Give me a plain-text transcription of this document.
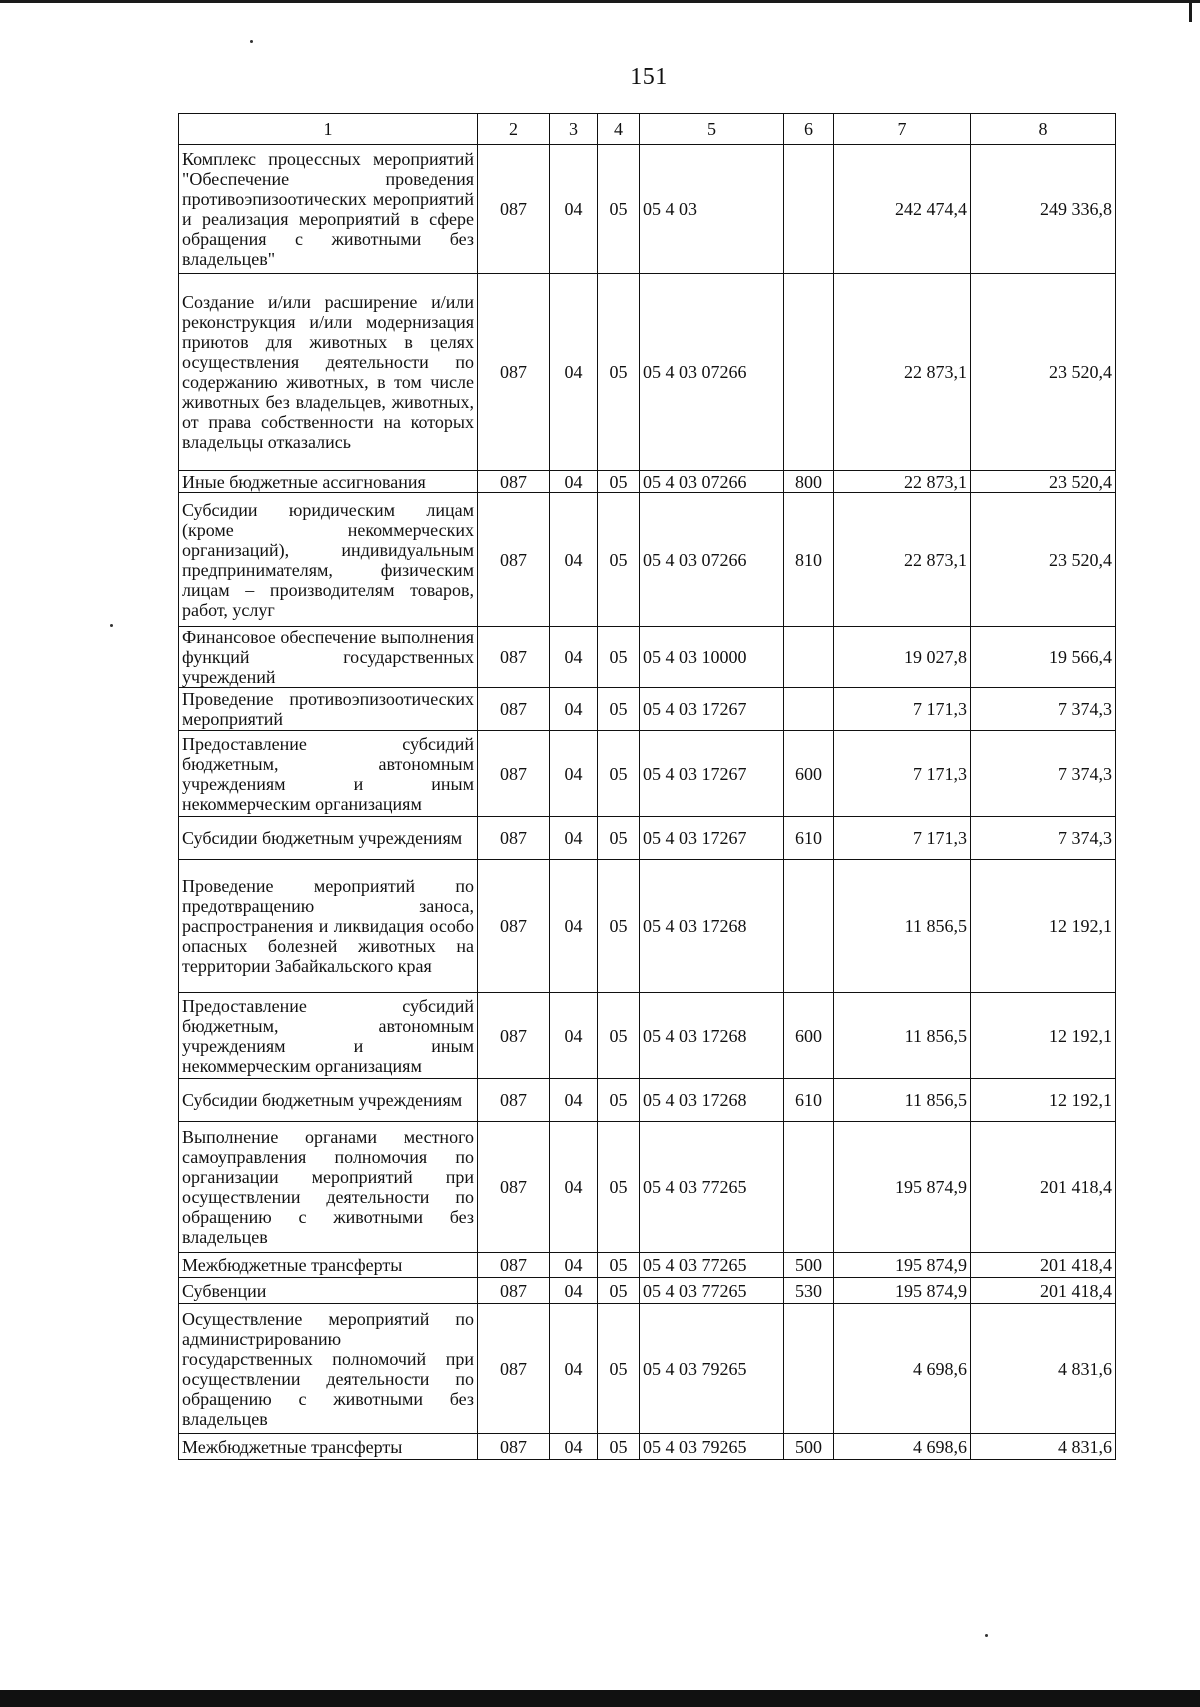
151
1	2	3	4	5	6	7	8
Комплекс процессных мероприятий "Обеспечение проведения противоэпизоотических мероприятий и реализация мероприятий в сфере обращения с животными без владельцев"	087	04	05	05 4 03		242 474,4	249 336,8
Создание и/или расширение и/или реконструкция и/или модернизация приютов для животных в целях осуществления деятельности по содержанию животных, в том числе животных без владельцев, животных, от права собственности на которых владельцы отказались	087	04	05	05 4 03 07266		22 873,1	23 520,4
Иные бюджетные ассигнования	087	04	05	05 4 03 07266	800	22 873,1	23 520,4
Субсидии юридическим лицам (кроме некоммерческих организаций), индивидуальным предпринимателям, физическим лицам – производителям товаров, работ, услуг	087	04	05	05 4 03 07266	810	22 873,1	23 520,4
Финансовое обеспечение выполнения функций государственных учреждений	087	04	05	05 4 03 10000		19 027,8	19 566,4
Проведение противоэпизоотических мероприятий	087	04	05	05 4 03 17267		7 171,3	7 374,3
Предоставление субсидий бюджетным, автономным учреждениям и иным некоммерческим организациям	087	04	05	05 4 03 17267	600	7 171,3	7 374,3
Субсидии бюджетным учреждениям	087	04	05	05 4 03 17267	610	7 171,3	7 374,3
Проведение мероприятий по предотвращению заноса, распространения и ликвидация особо опасных болезней животных на территории Забайкальского края	087	04	05	05 4 03 17268		11 856,5	12 192,1
Предоставление субсидий бюджетным, автономным учреждениям и иным некоммерческим организациям	087	04	05	05 4 03 17268	600	11 856,5	12 192,1
Субсидии бюджетным учреждениям	087	04	05	05 4 03 17268	610	11 856,5	12 192,1
Выполнение органами местного самоуправления полномочия по организации мероприятий при осуществлении деятельности по обращению с животными без владельцев	087	04	05	05 4 03 77265		195 874,9	201 418,4
Межбюджетные трансферты	087	04	05	05 4 03 77265	500	195 874,9	201 418,4
Субвенции	087	04	05	05 4 03 77265	530	195 874,9	201 418,4
Осуществление мероприятий по администрированию государственных полномочий при осуществлении деятельности по обращению с животными без владельцев	087	04	05	05 4 03 79265		4 698,6	4 831,6
Межбюджетные трансферты	087	04	05	05 4 03 79265	500	4 698,6	4 831,6
